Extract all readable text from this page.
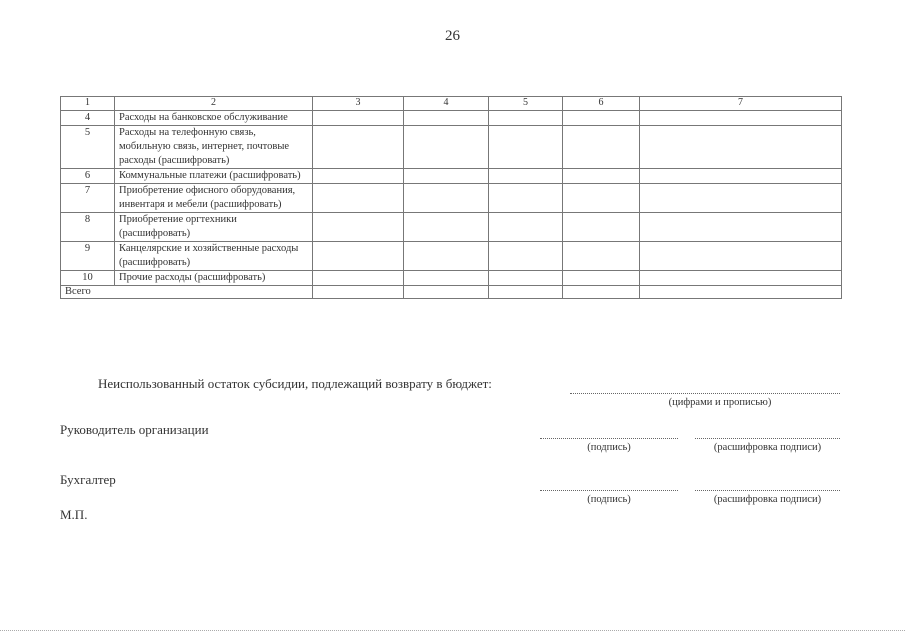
26
1	2	3	4	5	6	7
4	Расходы на банковское обслуживание					
5	Расходы на телефонную связь, мобильную связь, интернет, почтовые расходы (расшифровать)					
6	Коммунальные платежи (расшифровать)					
7	Приобретение офисного оборудования, инвентаря и мебели (расшифровать)					
8	Приобретение оргтехники (расшифровать)					
9	Канцелярские и хозяйственные расходы (расшифровать)					
10	Прочие расходы (расшифровать)					
Всего						
Неиспользованный остаток субсидии, подлежащий возврату в бюджет:
(цифрами и прописью)
Руководитель организации
(подпись)	(расшифровка подписи)
Бухгалтер
(подпись)	(расшифровка подписи)
М.П.
